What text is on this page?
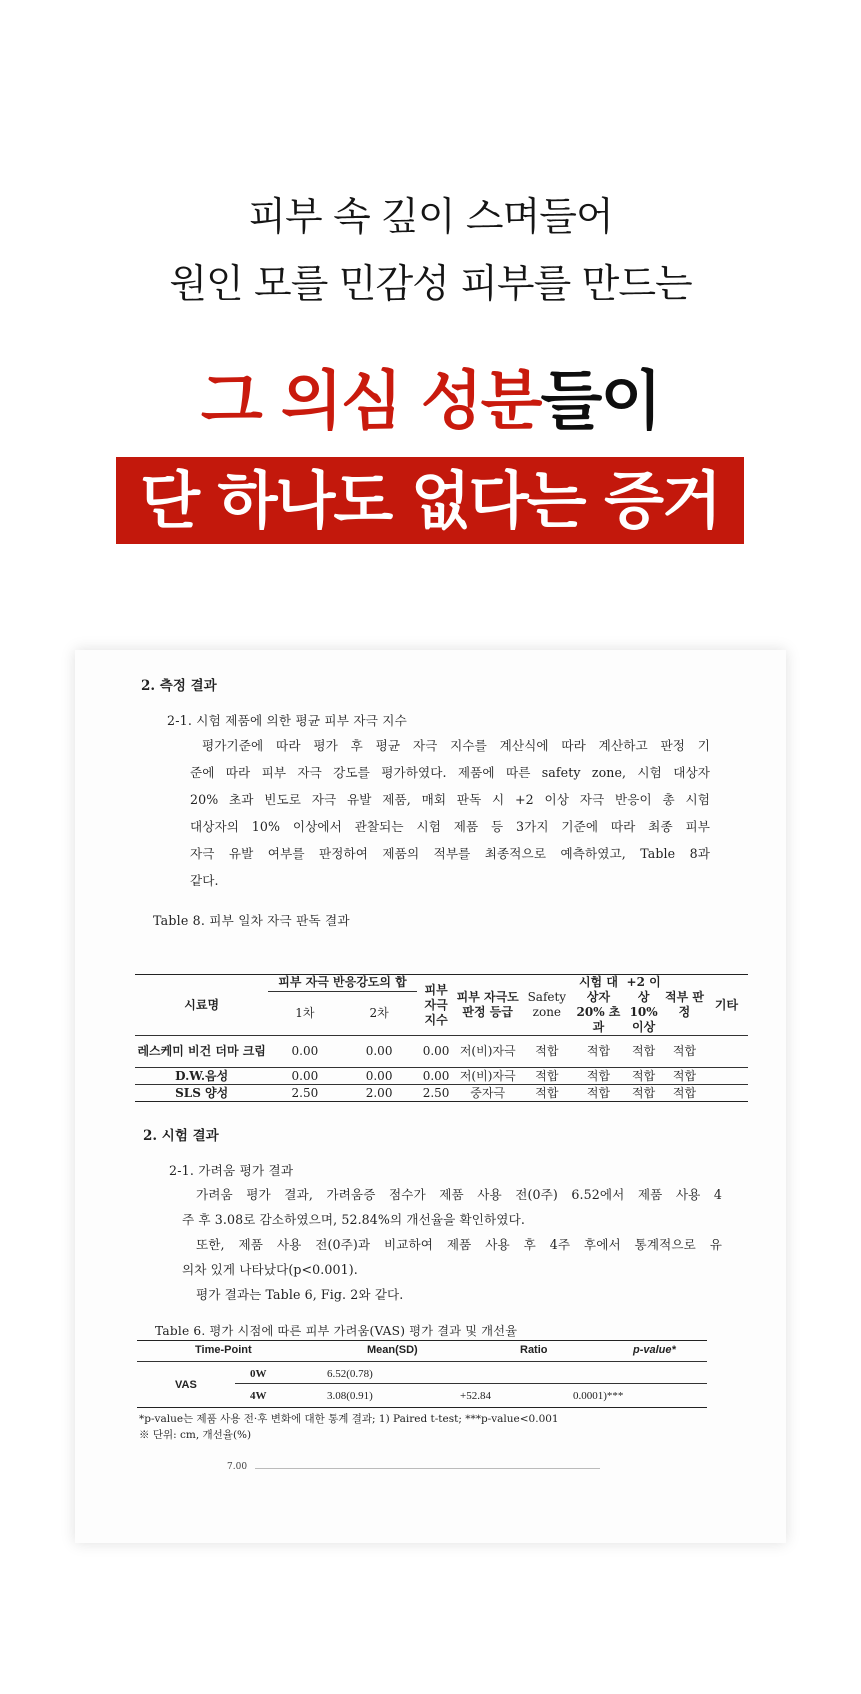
피부 속 깊이 스며들어
원인 모를 민감성 피부를 만드는
그 의심 성분들이
단 하나도 없다는 증거
2. 측정 결과
2-1. 시험 제품에 의한 평균 피부 자극 지수
평가기준에 따라 평가 후 평균 자극 지수를 계산식에 따라 계산하고 판정 기
준에 따라 피부 자극 강도를 평가하였다. 제품에 따른 safety zone, 시험 대상자
20% 초과 빈도로 자극 유발 제품, 매회 판독 시 +2 이상 자극 반응이 총 시험
대상자의 10% 이상에서 관찰되는 시험 제품 등 3가지 기준에 따라 최종 피부
자극 유발 여부를 판정하여 제품의 적부를 최종적으로 예측하였고, Table 8과
같다.
Table 8. 피부 일차 자극 판독 결과
시료명	피부 자극 반응강도의 합		피부 자극 지수	피부 자극도 판정 등급	Safety zone	시험 대상자 20% 초과	+2 이상 10% 이상	적부 판정	기타
	1차	2차							
레스케미 비건 더마 크림	0.00	0.00	0.00	저(비)자극	적합	적합	적합	적합	
D.W.음성	0.00	0.00	0.00	저(비)자극	적합	적합	적합	적합	
SLS 양성	2.50	2.00	2.50	중자극	적합	적합	적합	적합	
2. 시험 결과
2-1. 가려움 평가 결과
가려움 평가 결과, 가려움증 점수가 제품 사용 전(0주) 6.52에서 제품 사용 4
주 후 3.08로 감소하였으며, 52.84%의 개선율을 확인하였다.
또한, 제품 사용 전(0주)과 비교하여 제품 사용 후 4주 후에서 통계적으로 유
의차 있게 나타났다(p<0.001).
평가 결과는 Table 6, Fig. 2와 같다.
Table 6. 평가 시점에 따른 피부 가려움(VAS) 평가 결과 및 개선율
Time-Point	Mean(SD)	Ratio	p-value*
VAS
0W	6.52(0.78)
4W	3.08(0.91)	+52.84	0.0001)***
*p-value는 제품 사용 전·후 변화에 대한 통계 결과; 1) Paired t-test; ***p-value<0.001
※ 단위: cm, 개선율(%)
7.00
